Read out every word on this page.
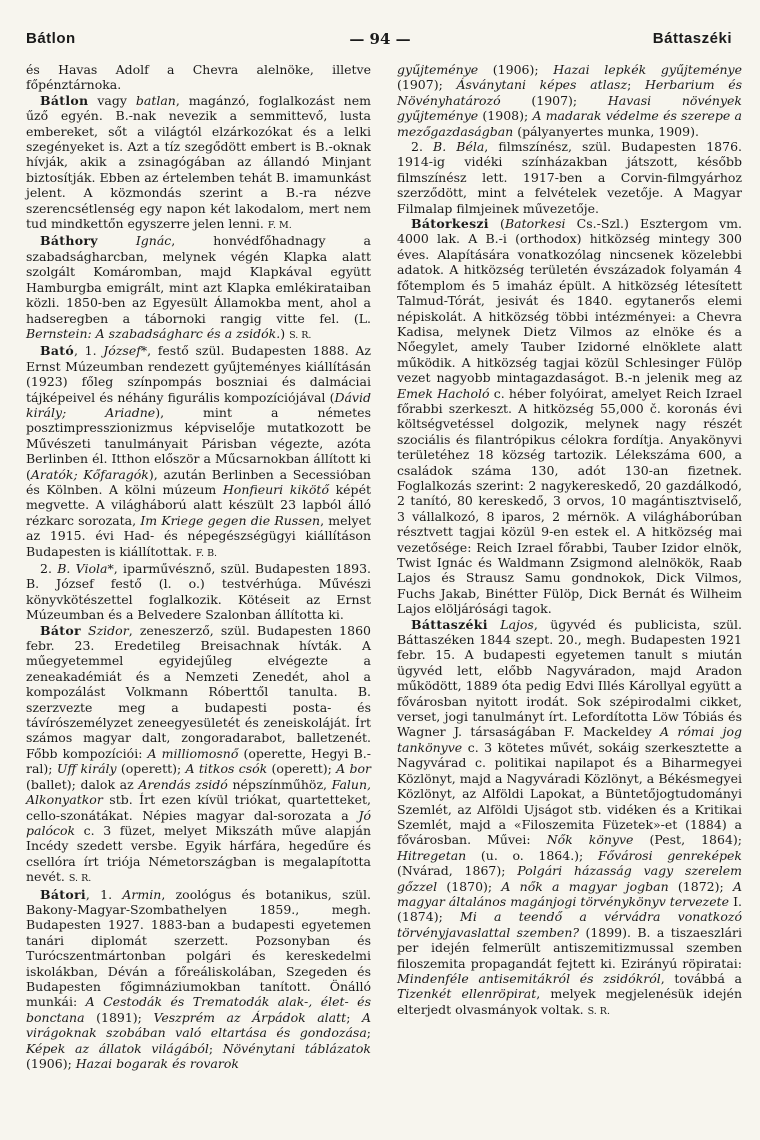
Bátlon	— 94 —	Báttaszéki

és Havas Adolf a Chevra alelnöke, illetve főpénztárnoka.

Bátlon vagy batlan, magánzó, foglalkozást nem űző egyén. B.-nak nevezik a semmittevő, lusta embereket, sőt a világtól elzárkozókat és a lelki szegényeket is. Azt a tíz szegődött embert is B.-oknak hívják, akik a zsinagógában az állandó Minjant biztosítják. Ebben az értelemben tehát B. imamunkást jelent. A közmondás szerint a B.-ra nézve szerencsétlenség egy napon két lakodalom, mert nem tud mindkettőn egyszerre jelen lenni. F. M.

Báthory	Ignác, honvédfőhadnagy a szabadságharcban, melynek végén Klapka alatt szolgált Komáromban, majd Klapkával együtt Hamburgba emigrált, mint azt Klapka emlékirataiban közli. 1850-ben az Egyesült Államokba ment, ahol a hadseregben a tábornoki rangig vitte fel. (L. Bernstein: A szabadságharc és a zsidók.) S. R.

Bató, 1. József*, festő szül. Budapesten 1888. Az Ernst Múzeumban rendezett gyűjteményes kiállításán (1923) főleg színpompás boszniai és dalmáciai tájképeivel és néhány figurális kompozíciójával (Dávid király; Ariadne), mint a németes posztimpresszionizmus képviselője mutatkozott be Művészeti tanulmányait Párisban végezte, azóta Berlinben él. Itthon először a Műcsarnokban állított ki (Aratók; Kőfaragók), azután Berlinben a Secessióban és Kölnben. A kölni múzeum Honfieuri kikötő képét megvette. A világháború alatt készült 23 lapból álló rézkarc sorozata, Im Kriege gegen die Russen, melyet az 1915. évi Had- és népegészségügyi kiállításon Budapesten is kiállítottak. F. B.

2. B. Viola*, iparművésznő, szül. Budapesten 1893. B. József festő (l. o.) testvérhúga. Művészi könyvkötészettel foglalkozik. Kötéseit az Ernst Múzeumban és a Belvedere Szalonban állította ki.

Bátor Szidor, zeneszerző, szül. Budapesten 1860 febr. 23. Eredetileg Breisachnak hívták. A műegyetemmel egyidejűleg elvégezte a zeneakadémiát és a Nemzeti Zenedét, ahol a kompozálást Volkmann Róberttől tanulta. B. szerzvezte meg a budapesti posta- és távírószemélyzet zeneegyesületét és zeneiskoláját. Írt számos magyar dalt, zongoradarabot, balletzenét. Főbb kompozíciói: A milliomosnő (operette, Hegyi B.-ral); Uff király (operett); A titkos csók (operett); A bor (ballet); dalok az Arendás zsidó népszínműhöz, Falun, Alkonyatkor stb. Írt ezen kívül triókat, quartetteket, cello-szonátákat. Népies magyar dal-sorozata a Jó palócok c. 3 füzet, melyet Mikszáth műve alapján Incédy szedett versbe. Egyik hárfára, hegedűre és csellóra írt triója Németországban is megalapította nevét. S. R.

Bátori, 1. Armin, zoológus és botanikus, szül. Bakony-Magyar-Szombathelyen 1859., megh. Budapesten 1927. 1883-ban a budapesti egyetemen tanári diplomát szerzett. Pozsonyban és Turócszentmártonban polgári és kereskedelmi iskolákban, Déván a főreáliskolában, Szegeden és Budapesten főgimnáziumokban tanított. Önálló munkái: A Cestodák és Trematodák alak-, élet- és bonctana (1891); Veszprém az Árpádok alatt; A virágoknak szobában való eltartása és gondozása; Képek az állatok világából; Növénytani táblázatok (1906); Hazai bogarak és rovarok

gyűjteménye (1906); Hazai lepkék gyűjteménye (1907); Ásványtani képes atlasz; Herbarium és Növényhatározó (1907); Havasi növények gyűjteménye (1908); A madarak védelme és szerepe a mezőgazdaságban (pályanyertes munka, 1909).

2. B. Béla, filmszínész, szül. Budapesten 1876. 1914-ig vidéki színházakban játszott, később filmszínész lett. 1917-ben a Corvin-filmgyárhoz szerződött, mint a felvételek vezetője. A Magyar Filmalap filmjeinek művezetője.

Bátorkeszi (Batorkesi Cs.-Szl.) Esztergom vm. 4000 lak. A B.-i (orthodox) hitközség mintegy 300 éves. Alapítására vonatkozólag nincsenek közelebbi adatok. A hitközség területén évszázadok folyamán 4 főtemplom és 5 imaház épült. A hitközség létesített Talmud-Tórát, jesivát és 1840. egytanerős elemi népiskolát. A hitközség többi intézményei: a Chevra Kadisa, melynek Dietz Vilmos az elnöke és a Nőegylet, amely Tauber Izidorné elnöklete alatt működik. A hitközség tagjai közül Schlesinger Fülöp vezet nagyobb mintagazdaságot. B.-n jelenik meg az Emek Hacholó c. héber folyóirat, amelyet Reich Izrael főrabbi szerkeszt. A hitközség 55,000 č. koronás évi költségvetéssel dolgozik, melynek nagy részét szociális és filantrópikus célokra fordítja. Anyakönyvi területéhez 18 község tartozik. Lélekszáma 600, a családok száma 130, adót 130-an fizetnek. Foglalkozás szerint: 2 nagykereskedő, 20 gazdálkodó, 2 tanító, 80 kereskedő, 3 orvos, 10 magántisztviselő, 3 vállalkozó, 8 iparos, 2 mérnök. A világháborúban résztvett tagjai közül 9-en estek el. A hitközség mai vezetősége: Reich Izrael főrabbi, Tauber Izidor elnök, Twist Ignác és Waldmann Zsigmond alelnökök, Raab Lajos és Strausz Samu gondnokok, Dick Vilmos, Fuchs Jakab, Binétter Fülöp, Dick Bernát és Wilheim Lajos elöljárósági tagok.

Báttaszéki Lajos, ügyvéd és publicista, szül. Báttaszéken 1844 szept. 20., megh. Budapesten 1921 febr. 15. A budapesti egyetemen tanult s miután ügyvéd lett, előbb Nagyváradon, majd Aradon működött, 1889 óta pedig Edvi Illés Károllyal együtt a fővárosban nyitott irodát. Sok szépirodalmi cikket, verset, jogi tanulmányt írt. Lefordította Löw Tóbiás és Wagner J. társaságában F. Mackeldey A római jog tankönyve c. 3 kötetes művét, sokáig szerkesztette a Nagyvárad c. politikai napilapot és a Biharmegyei Közlönyt, majd a Nagyváradi Közlönyt, a Békésmegyei Közlönyt, az Alföldi Lapokat, a Büntetőjogtudományi Szemlét, az Alföldi Ujságot stb. vidéken és a Kritikai Szemlét, majd a «Filoszemita Füzetek»-et (1884) a fővárosban. Művei: Nők könyve (Pest, 1864); Hitregetan (u. o. 1864.); Fővárosi genreképek (Nvárad, 1867); Polgári házasság vagy szerelem gőzzel (1870); A nők a magyar jogban (1872); A magyar általános magánjogi törvénykönyv tervezete I. (1874); Mi a teendő a vérvádra vonatkozó törvényjavaslattal szemben? (1899). B. a tiszaeszlári per idején felmerült antiszemitizmussal szemben filoszemita propagandát fejtett ki. Ezirányú röpiratai: Mindenféle antisemitákról és zsidókról, továbbá a Tizenkét ellenröpirat, melyek megjelenésük idején elterjedt olvasmányok voltak. S. R.
